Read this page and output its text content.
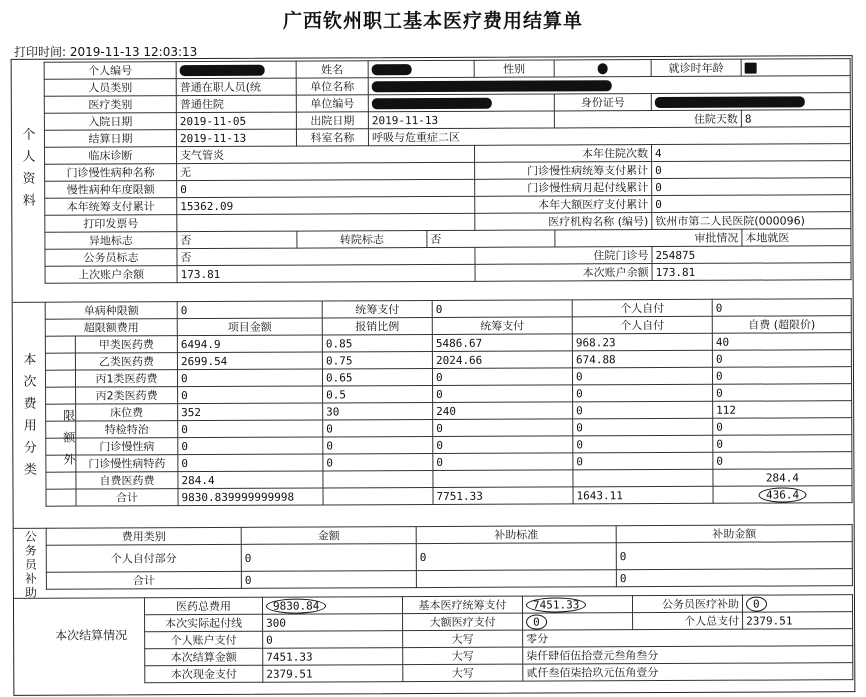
广西钦州职工基本医疗费用结算单
打印时间: 2019-11-13 12:03:13
个
人
资
料
本
次
费
用
分
类
限
额
外
公
务
员
补
助
本次结算情况
个人编号		姓名			性别		就诊时年龄	
人员类别	普通在职人员(统	单位名称						
医疗类别	普通住院	单位编号				身份证号		
入院日期	2019-11-05	出院日期	2019-11-13			住院天数		8
结算日期	2019-11-13	科室名称	呼吸与危重症二区					
临床诊断	支气管炎				本年住院次数		4	
门诊慢性病种名称	无				门诊慢性病统筹支付累计		0	
慢性病种年度限额	0				门诊慢性病月起付线累计		0	
本年统筹支付累计	15362.09				本年大额医疗支付累计		0	
打印发票号					医疗机构名称 (编号)		钦州市第二人民医院(000096)	
异地标志	否	转院标志		否		审批情况		本地就医
公务员标志	否				住院门诊号		254875	
上次账户余额	173.81				本次账户余额		173.81	
单病种限额		0	统筹支付	0	个人自付	0
超限额费用		项目金额	报销比例	统筹支付	个人自付	自费 (超限价)
	甲类医药费	6494.9	0.85	5486.67	968.23	40
	乙类医药费	2699.54	0.75	2024.66	674.88	0
	丙1类医药费	0	0.65	0	0	0
	丙2类医药费	0	0.5	0	0	0
	床位费	352	30	240	0	112
	特检特治	0	0	0	0	0
	门诊慢性病	0	0	0	0	0
	门诊慢性病特药	0	0	0	0	0
	自费医药费	284.4				284.4
	合计	9830.839999999998		7751.33	1643.11	436.4
费用类别	金额	补助标准	补助金额
个人自付部分	0	0	0
合计	0		0
医药总费用	9830.84	基本医疗统筹支付	7451.33	公务员医疗补助	0
本次实际起付线	300	大额医疗支付	0	个人总支付	2379.51
个人账户支付	0	大写	零分		
本次结算金额	7451.33	大写	柒仟肆佰伍拾壹元叁角叁分		
本次现金支付	2379.51	大写	贰仟叁佰柒拾玖元伍角壹分		
